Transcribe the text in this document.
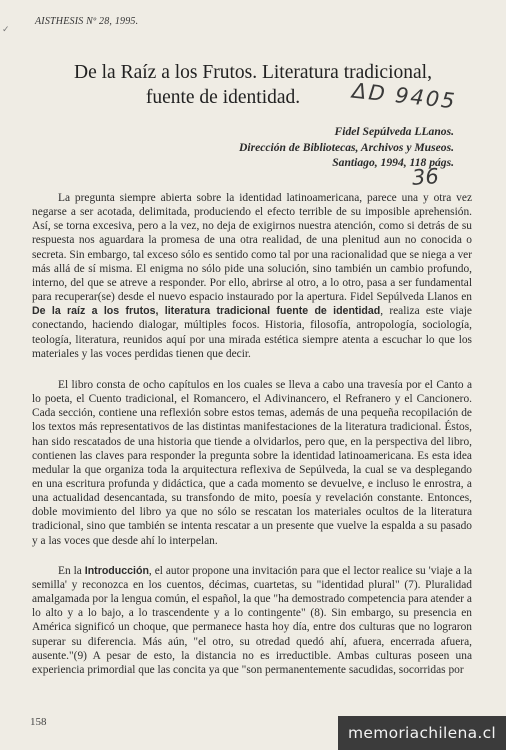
✓
AISTHESIS Nº 28, 1995.
De la Raíz a los Frutos. Literatura tradicional,
fuente de identidad.	ΔD 9405
Fidel Sepúlveda LLanos.
Dirección de Bibliotecas, Archivos y Museos.
Santiago, 1994, 118 págs.
36

La pregunta siempre abierta sobre la identidad latinoamericana, parece una y otra vez negarse a ser acotada, delimitada, produciendo el efecto terrible de su imposible aprehensión. Así, se torna excesiva, pero a la vez, no deja de exigirnos nuestra atención, como si detrás de su respuesta nos aguardara la promesa de una otra realidad, de una plenitud aun no conocida o secreta. Sin embargo, tal exceso sólo es sentido como tal por una racionalidad que se niega a ver más allá de sí misma. El enigma no sólo pide una solución, sino también un cambio profundo, interno, del que se atreve a responder. Por ello, abrirse al otro, a lo otro, pasa a ser fundamental para recuperar(se) desde el nuevo espacio instaurado por la apertura. Fidel Sepúlveda Llanos en De la raíz a los frutos, literatura tradicional fuente de identidad, realiza este viaje conectando, haciendo dialogar, múltiples focos. Historia, filosofía, antropología, sociología, teología, literatura, reunidos aquí por una mirada estética siempre atenta a escuchar lo que los materiales y las voces perdidas tienen que decir.

El libro consta de ocho capítulos en los cuales se lleva a cabo una travesía por el Canto a lo poeta, el Cuento tradicional, el Romancero, el Adivinancero, el Refranero y el Cancionero. Cada sección, contiene una reflexión sobre estos temas, además de una pequeña recopilación de los textos más representativos de las distintas manifestaciones de la literatura tradicional. Éstos, han sido rescatados de una historia que tiende a olvidarlos, pero que, en la perspectiva del libro, contienen las claves para responder la pregunta sobre la identidad latinoamericana. Es esta idea medular la que organiza toda la arquitectura reflexiva de Sepúlveda, la cual se va desplegando en una escritura profunda y didáctica, que a cada momento se devuelve, e incluso le enrostra, a una actualidad desencantada, su transfondo de mito, poesía y revelación constante. Entonces, doble movimiento del libro ya que no sólo se rescatan los materiales ocultos de la literatura tradicional, sino que también se intenta rescatar a un presente que vuelve la espalda a su pasado y a las voces que desde ahí lo interpelan.

En la Introducción, el autor propone una invitación para que el lector realice su 'viaje a la semilla' y reconozca en los cuentos, décimas, cuartetas, su "identidad plural" (7). Pluralidad amalgamada por la lengua común, el español, la que "ha demostrado competencia para atender a lo alto y a lo bajo, a lo trascendente y a lo contingente" (8). Sin embargo, su presencia en América significó un choque, que permanece hasta hoy día, entre dos culturas que no lograron superar su diferencia. Más aún, "el otro, su otredad quedó ahí, afuera, encerrada afuera, ausente."(9) A pesar de esto, la distancia no es irreductible. Ambas culturas poseen una experiencia primordial que las concita ya que "son permanentemente sacudidas, socorridas por

158
memoriachilena.cl
